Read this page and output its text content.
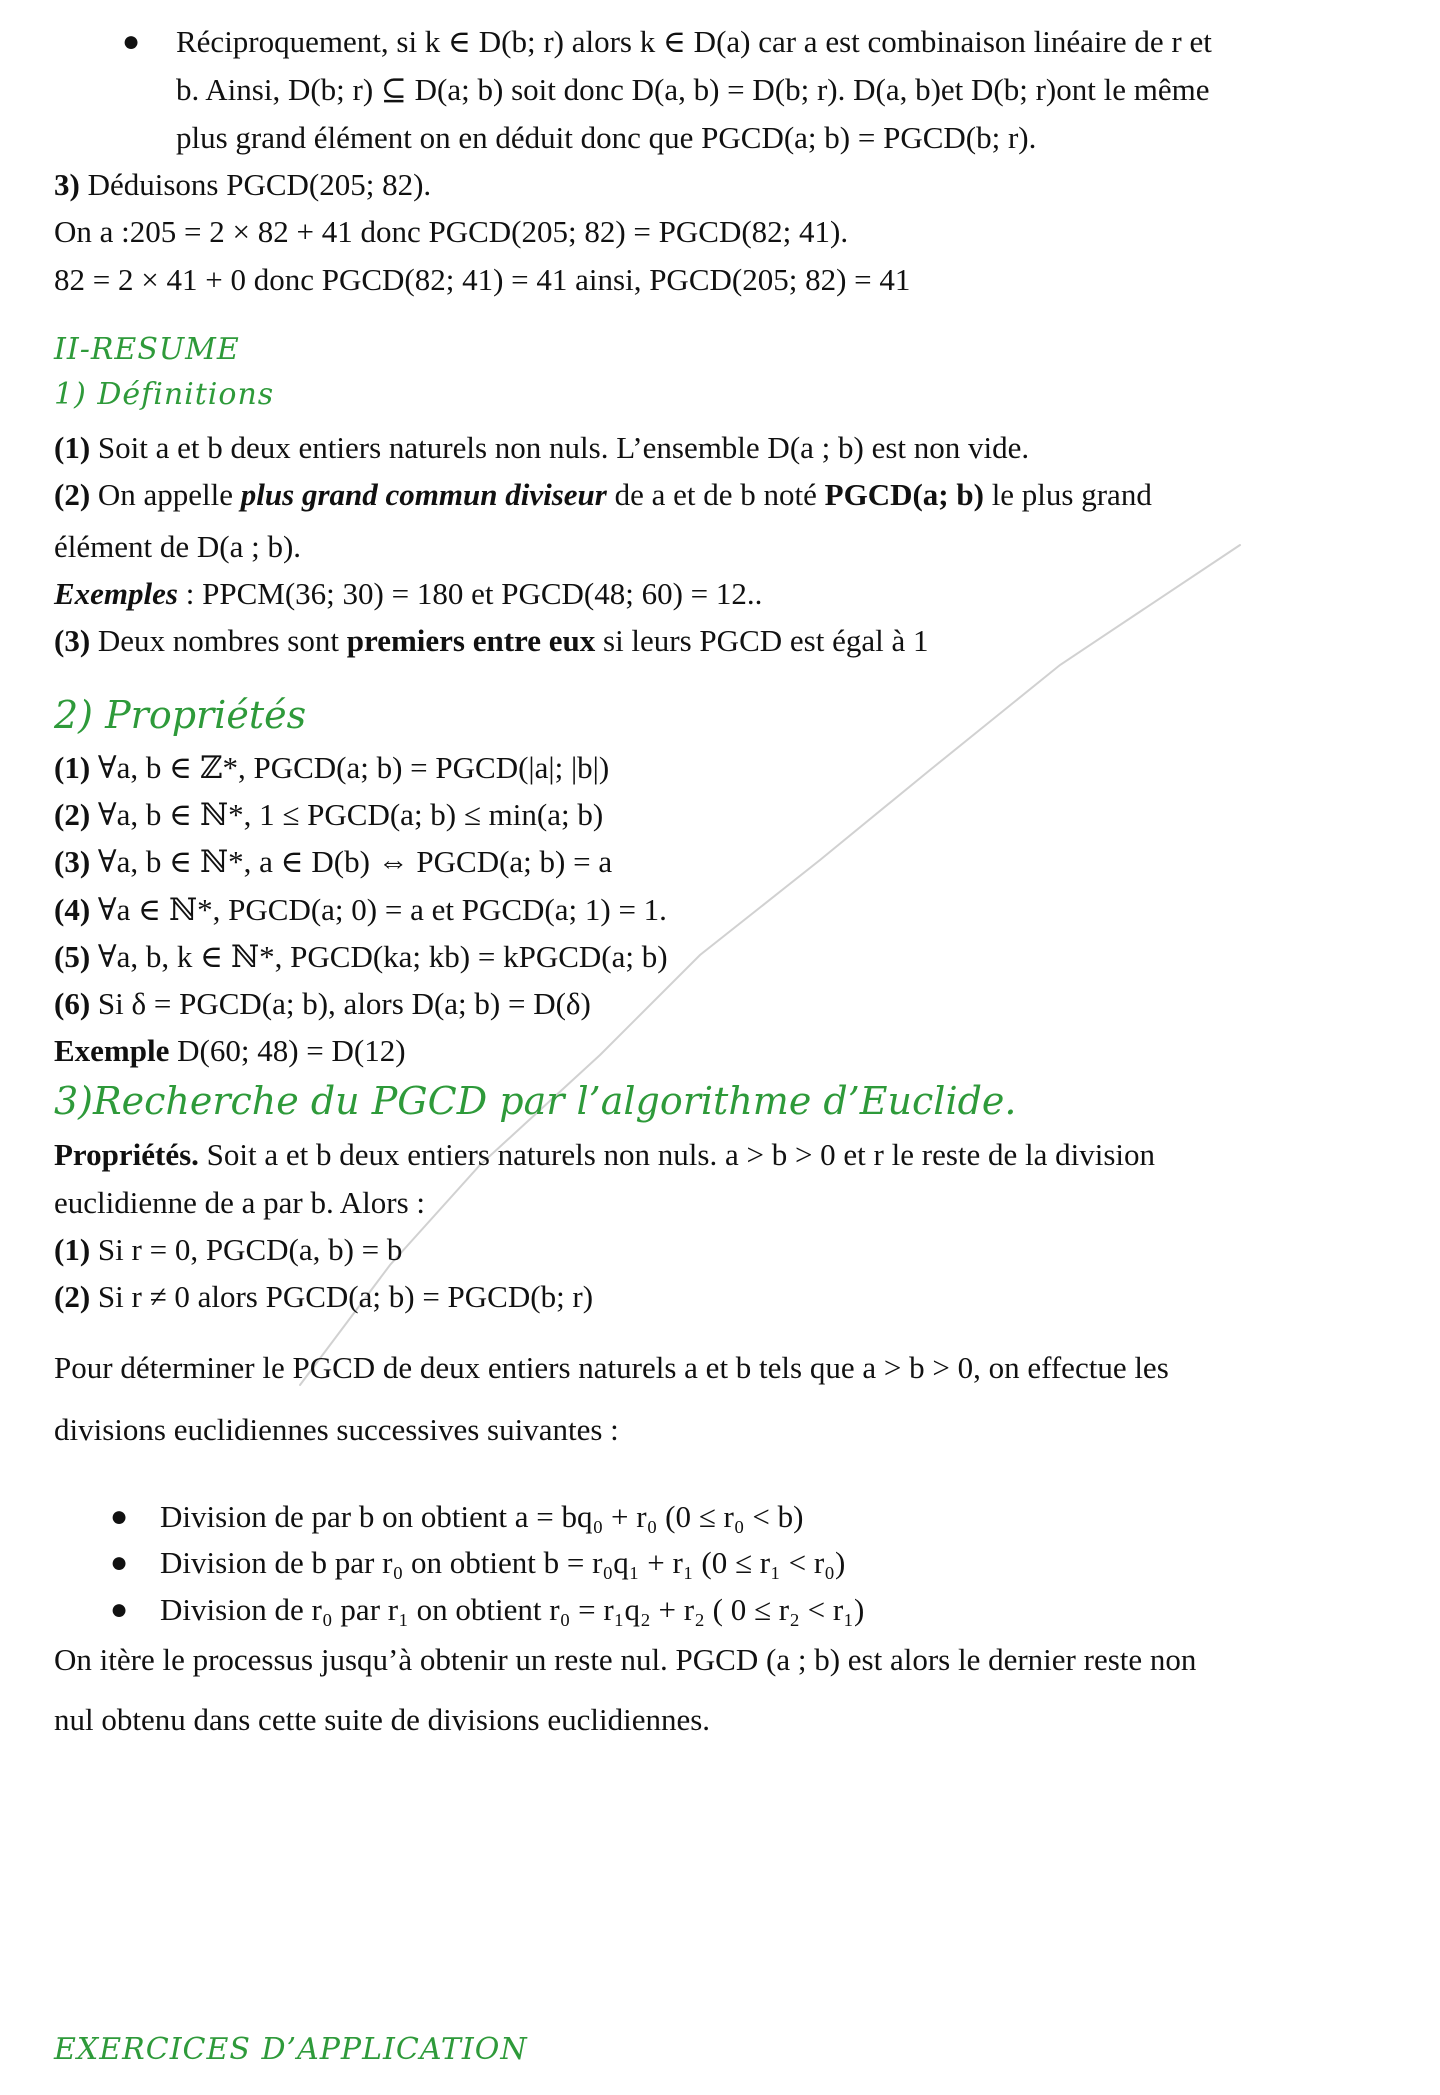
● Réciproquement, si k ∈ D(b; r) alors k ∈ D(a) car a est combinaison linéaire de r et
b. Ainsi, D(b; r) ⊆ D(a; b) soit donc D(a, b) = D(b; r). D(a, b)et D(b; r)ont le même
plus grand élément on en déduit donc que PGCD(a; b) = PGCD(b; r).
3) Déduisons PGCD(205; 82).
On a :205 = 2 × 82 + 41 donc PGCD(205; 82) = PGCD(82; 41).
82 = 2 × 41 + 0 donc PGCD(82; 41) = 41 ainsi, PGCD(205; 82) = 41
II-RESUME
1) Définitions
(1) Soit a et b deux entiers naturels non nuls. L’ensemble D(a ; b) est non vide.
(2) On appelle plus grand commun diviseur de a et de b noté PGCD(a; b) le plus grand
élément de D(a ; b).
Exemples : PPCM(36; 30) = 180 et PGCD(48; 60) = 12..
(3) Deux nombres sont premiers entre eux si leurs PGCD est égal à 1
2) Propriétés
(1) ∀a, b ∈ ℤ*, PGCD(a; b) = PGCD(|a|; |b|)
(2) ∀a, b ∈ ℕ*, 1 ≤ PGCD(a; b) ≤ min(a; b)
(3) ∀a, b ∈ ℕ*, a ∈ D(b) ⇔ PGCD(a; b) = a
(4) ∀a ∈ ℕ*, PGCD(a; 0) = a et PGCD(a; 1) = 1.
(5) ∀a, b, k ∈ ℕ*, PGCD(ka; kb) = kPGCD(a; b)
(6) Si δ = PGCD(a; b), alors D(a; b) = D(δ)
Exemple D(60; 48) = D(12)
3)Recherche du PGCD par l’algorithme d’Euclide.
Propriétés. Soit a et b deux entiers naturels non nuls. a > b > 0 et r le reste de la division
euclidienne de a par b. Alors :
(1) Si r = 0, PGCD(a, b) = b
(2) Si r ≠ 0 alors PGCD(a; b) = PGCD(b; r)
Pour déterminer le PGCD de deux entiers naturels a et b tels que a > b > 0, on effectue les
divisions euclidiennes successives suivantes :
● Division de par b on obtient a = bq₀ + r₀ (0 ≤ r₀ < b)
● Division de b par r₀ on obtient b = r₀q₁ + r₁ (0 ≤ r₁ < r₀)
● Division de r₀ par r₁ on obtient r₀ = r₁q₂ + r₂ ( 0 ≤ r₂ < r₁)
On itère le processus jusqu’à obtenir un reste nul. PGCD (a ; b) est alors le dernier reste non
nul obtenu dans cette suite de divisions euclidiennes.
EXERCICES D’APPLICATION
